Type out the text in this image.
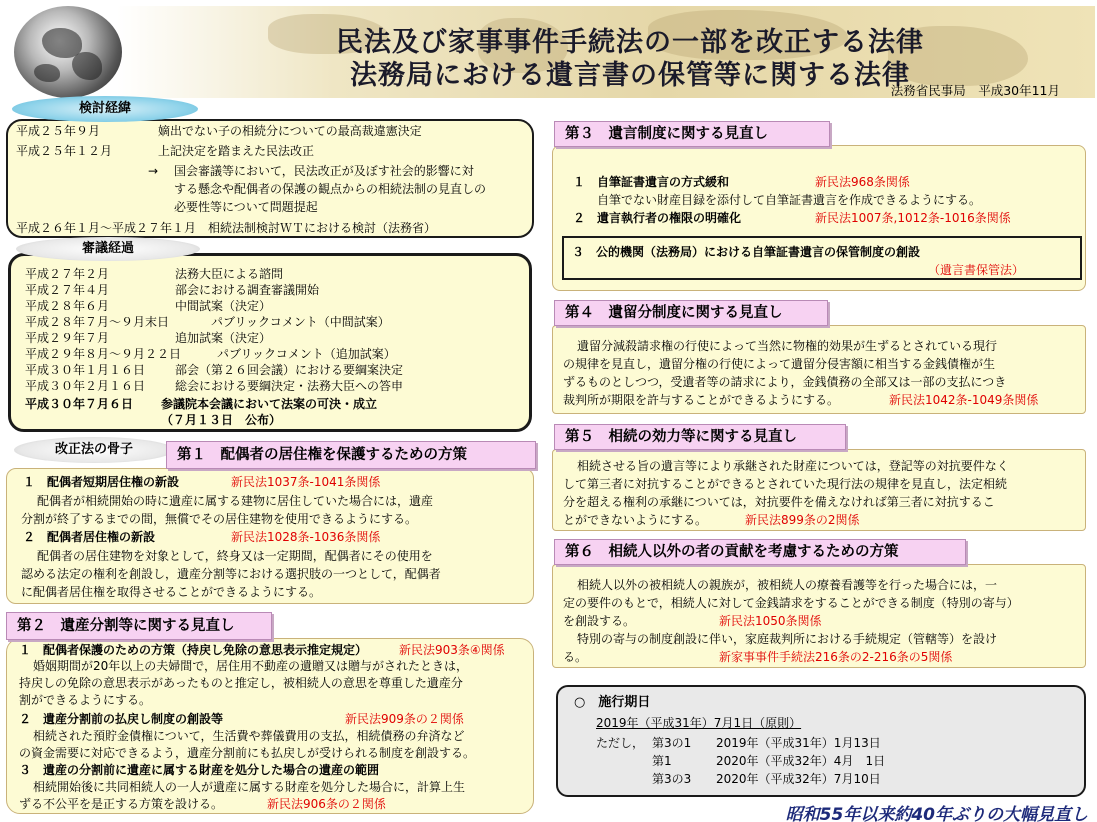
民法及び家事事件手続法の一部を改正する法律
法務局における遺言書の保管等に関する法律
法務省民事局　平成30年11月
平成２５年９月	嫡出でない子の相続分についての最高裁違憲決定
平成２５年１２月	上記決定を踏まえた民法改正
→ 国会審議等において，民法改正が及ぼす社会的影響に対
する懸念や配偶者の保護の観点からの相続法制の見直しの
必要性等について問題提起
平成２６年１月～平成２７年１月　相続法制検討ＷＴにおける検討（法務省）
検討経緯
平成２７年２月	法務大臣による諮問
平成２７年４月	部会における調査審議開始
平成２８年６月	中間試案（決定）
平成２８年７月～９月末日	パブリックコメント（中間試案）
平成２９年７月	追加試案（決定）
平成２９年８月～９月２２日	パブリックコメント（追加試案）
平成３０年１月１６日 部会（第２６回会議）における要綱案決定
平成３０年２月１６日 総会における要綱決定・法務大臣への答申
平成３０年７月６日 参議院本会議において法案の可決・成立
（７月１３日　公布）
審議経過
改正法の骨子
１　配偶者短期居住権の新設	新民法1037条-1041条関係
配偶者が相続開始の時に遺産に属する建物に居住していた場合には，遺産
分割が終了するまでの間，無償でその居住建物を使用できるようにする。
２　配偶者居住権の新設	新民法1028条-1036条関係
配偶者の居住建物を対象として，終身又は一定期間，配偶者にその使用を
認める法定の権利を創設し，遺産分割等における選択肢の一つとして，配偶者
に配偶者居住権を取得させることができるようにする。
第１　配偶者の居住権を保護するための方策
１　配偶者保護のための方策（持戻し免除の意思表示推定規定）	新民法903条④関係
婚姻期間が20年以上の夫婦間で，居住用不動産の遺贈又は贈与がされたときは，
持戻しの免除の意思表示があったものと推定し，被相続人の意思を尊重した遺産分
割ができるようにする。
２　遺産分割前の払戻し制度の創設等	新民法909条の２関係
相続された預貯金債権について，生活費や葬儀費用の支払，相続債務の弁済など
の資金需要に対応できるよう，遺産分割前にも払戻しが受けられる制度を創設する。
３　遺産の分割前に遺産に属する財産を処分した場合の遺産の範囲
相続開始後に共同相続人の一人が遺産に属する財産を処分した場合に，計算上生
ずる不公平を是正する方策を設ける。	新民法906条の２関係
第２　遺産分割等に関する見直し
１　自筆証書遺言の方式緩和	新民法968条関係
自筆でない財産目録を添付して自筆証書遺言を作成できるようにする。
２　遺言執行者の権限の明確化	新民法1007条,1012条-1016条関係
３　公的機関（法務局）における自筆証書遺言の保管制度の創設
（遺言書保管法）
第３　遺言制度に関する見直し
遺留分減殺請求権の行使によって当然に物権的効果が生ずるとされている現行
の規律を見直し，遺留分権の行使によって遺留分侵害額に相当する金銭債権が生
ずるものとしつつ，受遺者等の請求により，金銭債務の全部又は一部の支払につき
裁判所が期限を許与することができるようにする。	新民法1042条-1049条関係
第４　遺留分制度に関する見直し
相続させる旨の遺言等により承継された財産については，登記等の対抗要件なく
して第三者に対抗することができるとされていた現行法の規律を見直し，法定相続
分を超える権利の承継については，対抗要件を備えなければ第三者に対抗するこ
とができないようにする。	新民法899条の2関係
第５　相続の効力等に関する見直し
相続人以外の被相続人の親族が，被相続人の療養看護等を行った場合には，一
定の要件のもとで，相続人に対して金銭請求をすることができる制度（特別の寄与）
を創設する。	新民法1050条関係
特別の寄与の制度創設に伴い，家庭裁判所における手続規定（管轄等）を設け
る。	新家事事件手続法216条の2-216条の5関係
第６　相続人以外の者の貢献を考慮するための方策
○　施行期日
2019年（平成31年）7月1日（原則）
ただし， 第3の1 2019年（平成31年）1月13日
第1	2020年（平成32年）4月　1日
第3の3 2020年（平成32年）7月10日
昭和55年以来約40年ぶりの大幅見直し
